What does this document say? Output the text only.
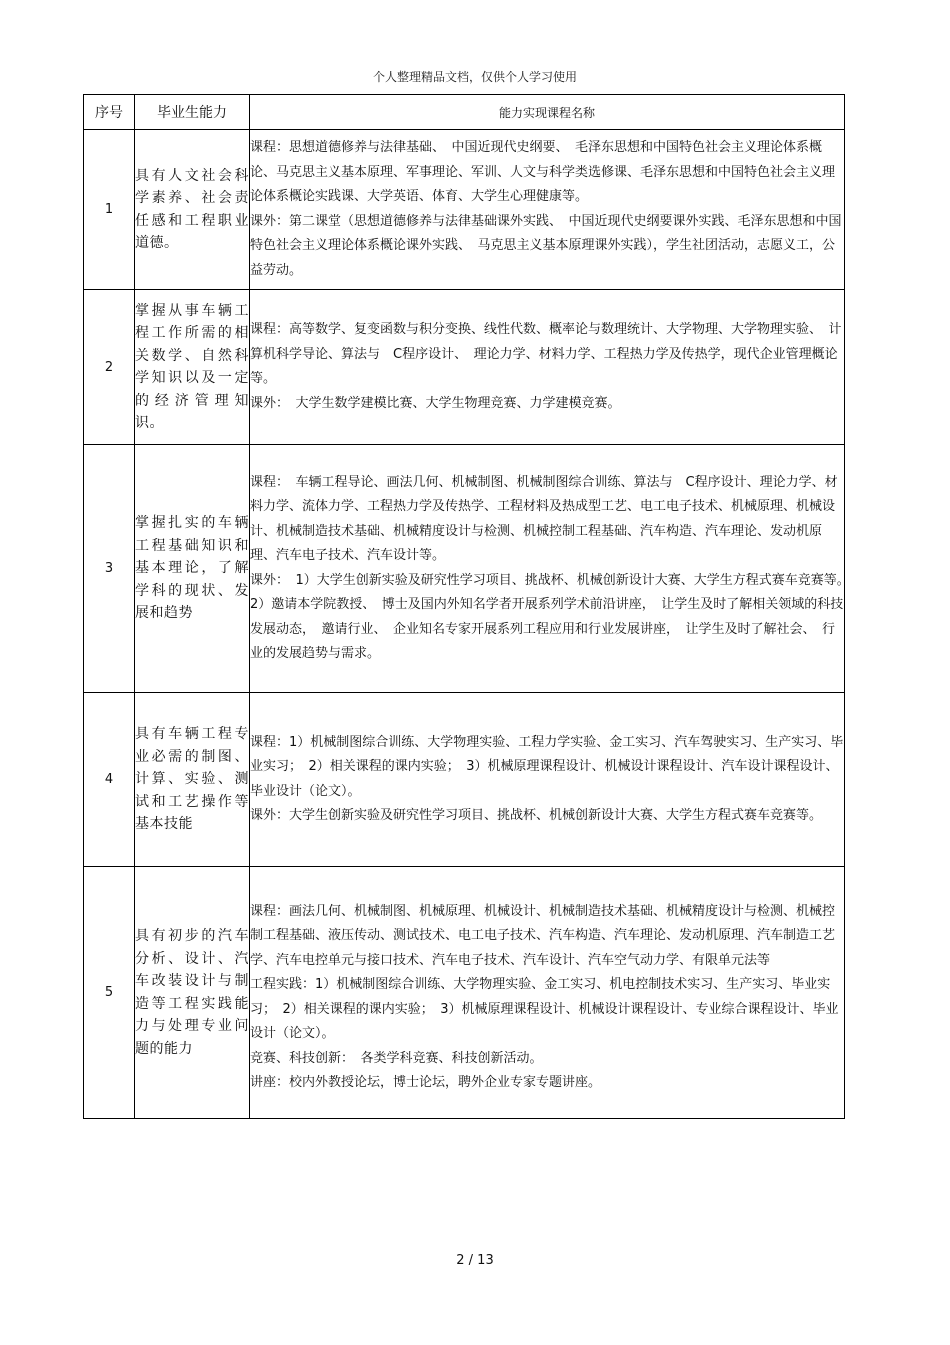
个人整理精品文档，仅供个人学习使用
序号	毕业生能力	能力实现课程名称
1	具有人文社会科学素养、社会责任感和工程职业道德。	课程：思想道德修养与法律基础、　中国近现代史纲要、　毛泽东思想和中国特色社会主义理论体系概论、马克思主义基本原理、军事理论、军训、人文与科学类选修课、毛泽东思想和中国特色社会主义理论体系概论实践课、大学英语、体育、大学生心理健康等。

课外：第二课堂（思想道德修养与法律基础课外实践、　中国近现代史纲要课外实践、毛泽东思想和中国特色社会主义理论体系概论课外实践、　马克思主义基本原理课外实践），学生社团活动，志愿义工，公益劳动。

2	掌握从事车辆工程工作所需的相关数学、自然科学知识以及一定的经济管理知识。	课程：高等数学、复变函数与积分变换、线性代数、概率论与数理统计、大学物理、大学物理实验、　计算机科学导论、算法与　C程序设计、　理论力学、材料力学、工程热力学及传热学，现代企业管理概论等。

课外：　大学生数学建模比赛、大学生物理竞赛、力学建模竞赛。

3	掌握扎实的车辆工程基础知识和基本理论，了解学科的现状、发展和趋势	课程：　车辆工程导论、画法几何、机械制图、机械制图综合训练、算法与　C程序设计、理论力学、材料力学、流体力学、工程热力学及传热学、工程材料及热成型工艺、电工电子技术、机械原理、机械设计、机械制造技术基础、机械精度设计与检测、机械控制工程基础、汽车构造、汽车理论、发动机原理、汽车电子技术、汽车设计等。

课外：　1）大学生创新实验及研究性学习项目、挑战杯、机械创新设计大赛、大学生方程式赛车竞赛等。　2）邀请本学院教授、　博士及国内外知名学者开展系列学术前沿讲座，　让学生及时了解相关领域的科技发展动态，　邀请行业、　企业知名专家开展系列工程应用和行业发展讲座，　让学生及时了解社会、　行业的发展趋势与需求。

4	具有车辆工程专业必需的制图、计算、实验、测试和工艺操作等基本技能	课程：1）机械制图综合训练、大学物理实验、工程力学实验、金工实习、汽车驾驶实习、生产实习、毕业实习；　2）相关课程的课内实验；　3）机械原理课程设计、机械设计课程设计、汽车设计课程设计、毕业设计（论文）。

课外：大学生创新实验及研究性学习项目、挑战杯、机械创新设计大赛、大学生方程式赛车竞赛等。

5	具有初步的汽车分析、设计、汽车改装设计与制造等工程实践能力与处理专业问题的能力	课程：画法几何、机械制图、机械原理、机械设计、机械制造技术基础、机械精度设计与检测、机械控制工程基础、液压传动、测试技术、电工电子技术、汽车构造、汽车理论、发动机原理、汽车制造工艺学、汽车电控单元与接口技术、汽车电子技术、汽车设计、汽车空气动力学、有限单元法等

工程实践：1）机械制图综合训练、大学物理实验、金工实习、机电控制技术实习、生产实习、毕业实习；　2）相关课程的课内实验；　3）机械原理课程设计、机械设计课程设计、专业综合课程设计、毕业设计（论文）。

竞赛、科技创新：　各类学科竞赛、科技创新活动。

讲座：校内外教授论坛，博士论坛，聘外企业专家专题讲座。

2 / 13
